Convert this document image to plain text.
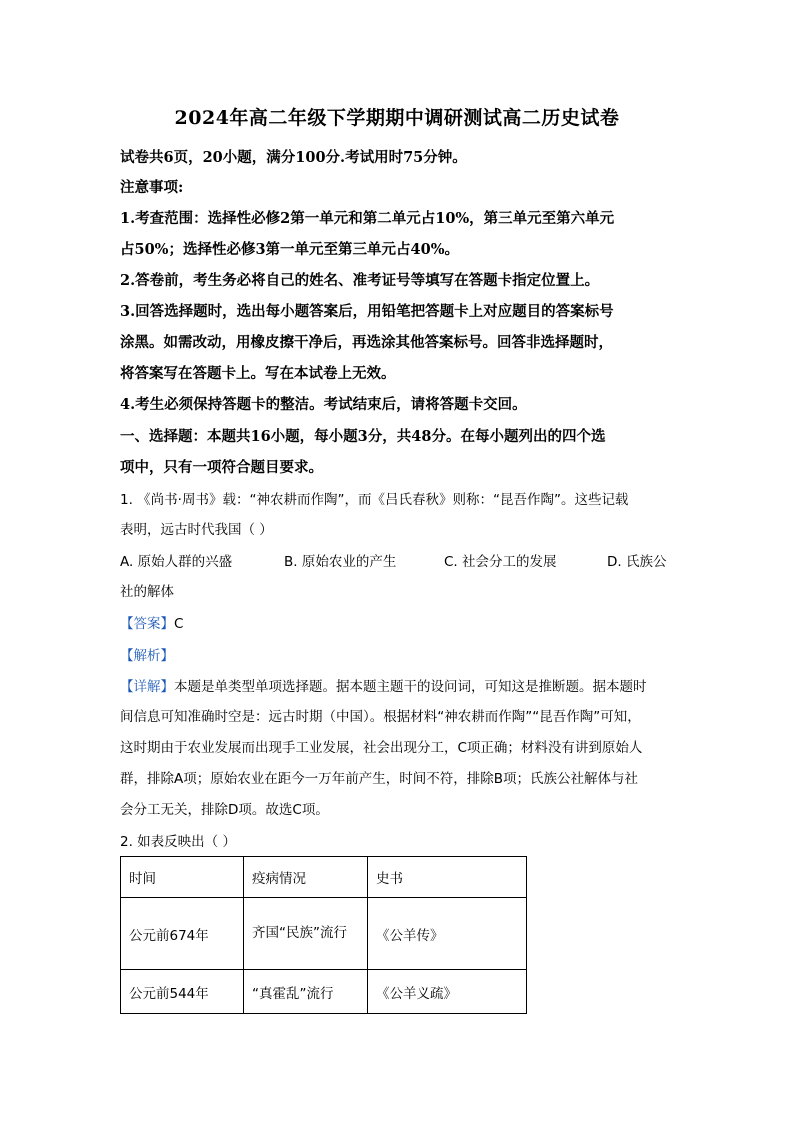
2024年高二年级下学期期中调研测试高二历史试卷
试卷共6页，20小题，满分100分.考试用时75分钟。
注意事项:
1.考查范围：选择性必修2第一单元和第二单元占10%，第三单元至第六单元
占50%；选择性必修3第一单元至第三单元占40%。
2.答卷前，考生务必将自己的姓名、准考证号等填写在答题卡指定位置上。
3.回答选择题时，选出每小题答案后，用铅笔把答题卡上对应题目的答案标号
涂黑。如需改动，用橡皮擦干净后，再选涂其他答案标号。回答非选择题时，
将答案写在答题卡上。写在本试卷上无效。
4.考生必须保持答题卡的整洁。考试结束后，请将答题卡交回。
一、选择题：本题共16小题，每小题3分，共48分。在每小题列出的四个选
项中，只有一项符合题目要求。
1. 《尚书·周书》载：“神农耕而作陶”，而《吕氏春秋》则称：“昆吾作陶”。这些记载
表明，远古时代我国（ ）
A. 原始人群的兴盛	B. 原始农业的产生	C. 社会分工的发展	D. 氏族公
社的解体
【答案】C
【解析】
【详解】本题是单类型单项选择题。据本题主题干的设问词，可知这是推断题。据本题时
间信息可知准确时空是：远古时期（中国）。根据材料“神农耕而作陶”“昆吾作陶”可知，
这时期由于农业发展而出现手工业发展，社会出现分工，C项正确；材料没有讲到原始人
群，排除A项；原始农业在距今一万年前产生，时间不符，排除B项；氏族公社解体与社
会分工无关，排除D项。故选C项。
2. 如表反映出（ ）
时间	疫病情况	史书
公元前674年	齐国“民族”流行	《公羊传》
公元前544年	“真霍乱”流行	《公羊义疏》
